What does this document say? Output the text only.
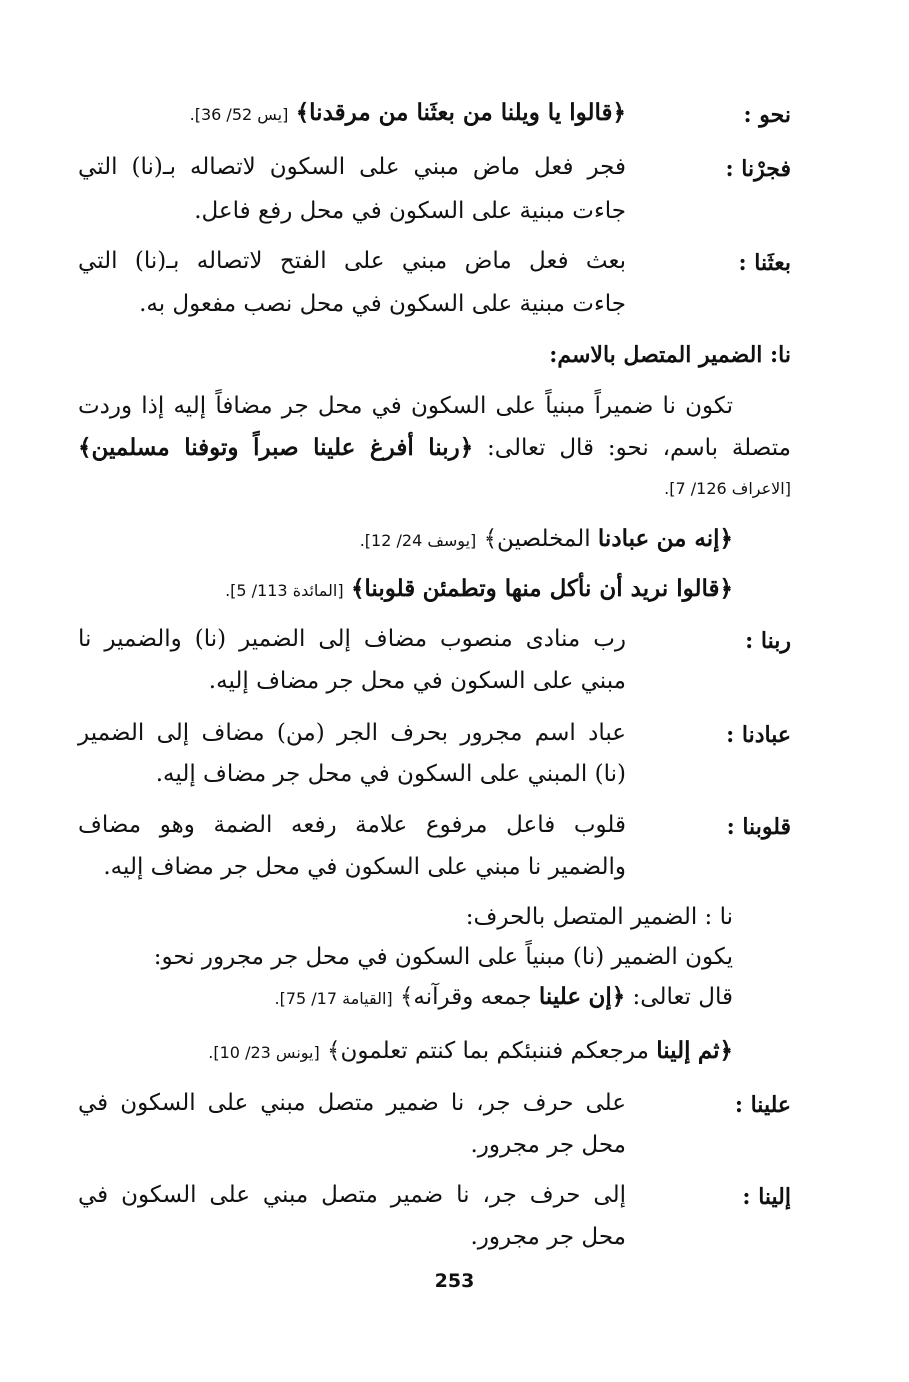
نحو :
﴿قالوا يا ويلنا من بعثَنا من مرقدنا﴾ [يس 52/ 36].
فجرْنا :
فجر فعل ماض مبني على السكون لاتصاله بـ(نا) التي
جاءت مبنية على السكون في محل رفع فاعل.
بعثَنا :
بعث فعل ماض مبني على الفتح لاتصاله بـ(نا) التي
جاءت مبنية على السكون في محل نصب مفعول به.
نا: الضمير المتصل بالاسم:
تكون نا ضميراً مبنياً على السكون في محل جر مضافاً إليه إذا وردت
متصلة باسم، نحو: قال تعالى: ﴿ربنا أفرغ علينا صبراً وتوفنا مسلمين﴾
[الاعراف 126/ 7].
﴿إنه من عبادنا المخلصين﴾ [يوسف 24/ 12].
﴿قالوا نريد أن نأكل منها وتطمئن قلوبنا﴾ [المائدة 113/ 5].
ربنا :
رب منادى منصوب مضاف إلى الضمير (نا) والضمير نا
مبني على السكون في محل جر مضاف إليه.
عبادنا :
عباد اسم مجرور بحرف الجر (من) مضاف إلى الضمير
(نا) المبني على السكون في محل جر مضاف إليه.
قلوبنا :
قلوب فاعل مرفوع علامة رفعه الضمة وهو مضاف
والضمير نا مبني على السكون في محل جر مضاف إليه.
نا : الضمير المتصل بالحرف:
يكون الضمير (نا) مبنياً على السكون في محل جر مجرور نحو:
قال تعالى: ﴿إن علينا جمعه وقرآنه﴾ [القيامة 17/ 75].
﴿ثم إلينا مرجعكم فننبئكم بما كنتم تعلمون﴾ [يونس 23/ 10].
علينا :
على حرف جر، نا ضمير متصل مبني على السكون في
محل جر مجرور.
إلينا :
إلى حرف جر، نا ضمير متصل مبني على السكون في
محل جر مجرور.
253
